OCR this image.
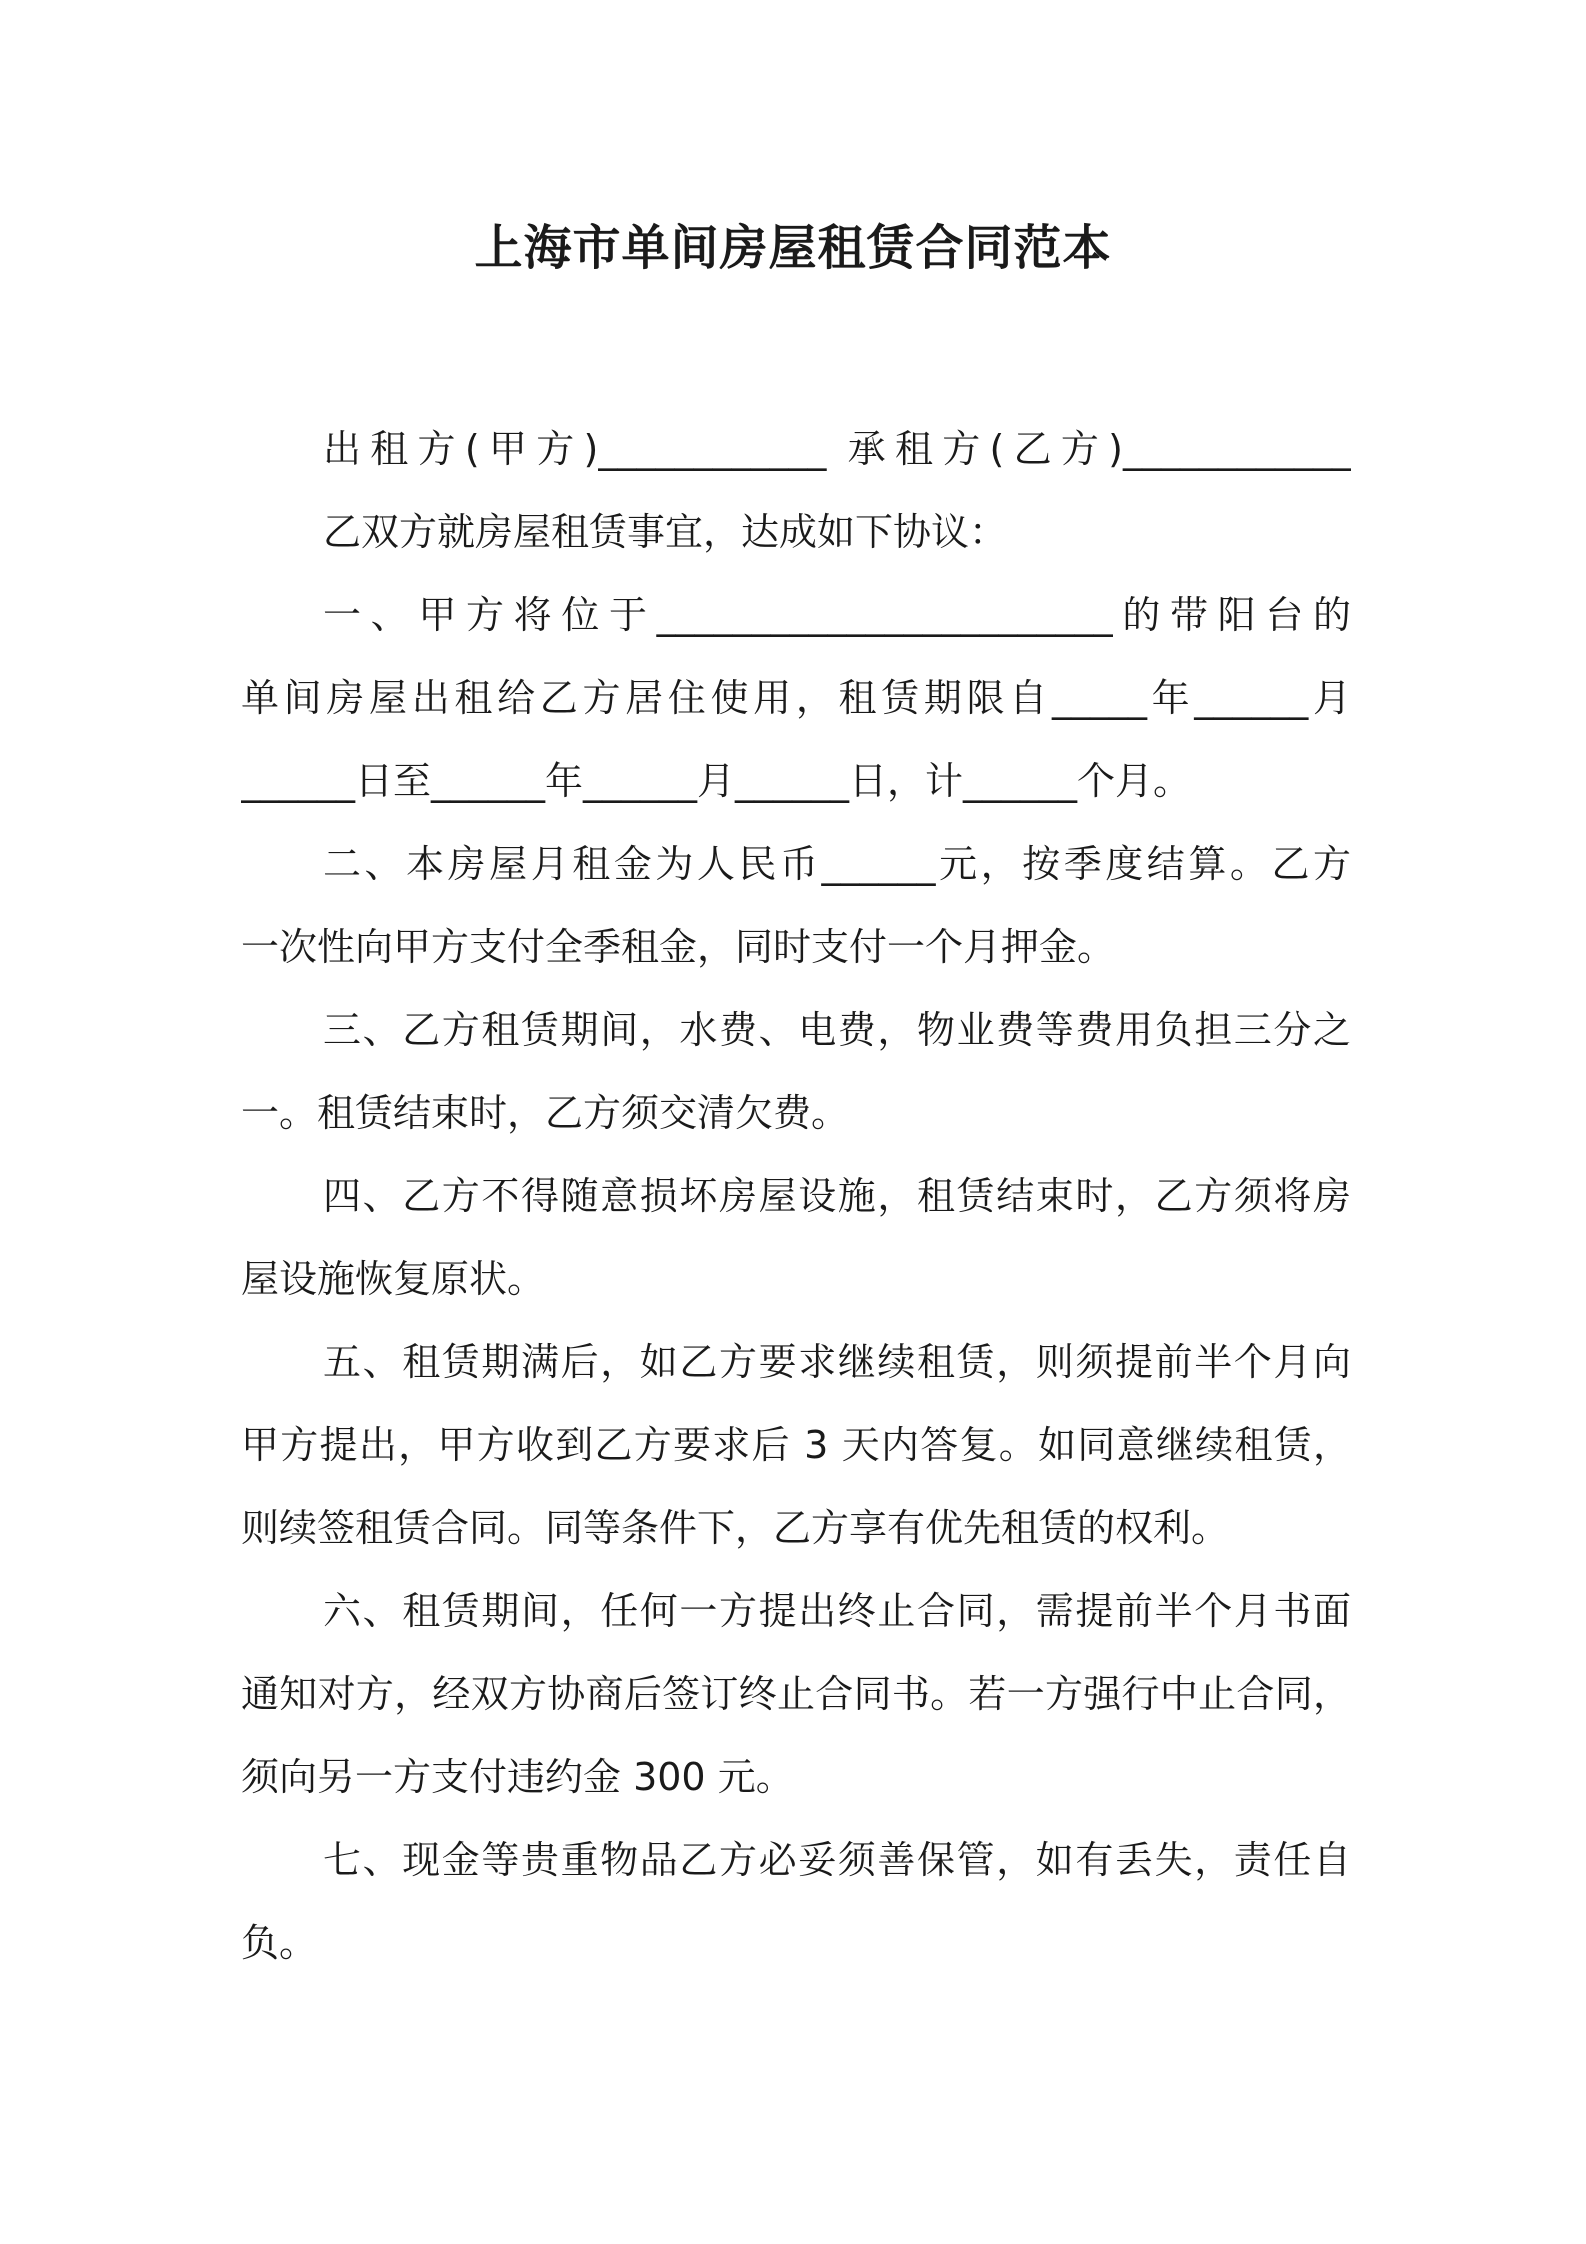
上海市单间房屋租赁合同范本
出租方(甲方)____________ 承租方(乙方)____________
乙双方就房屋租赁事宜，达成如下协议：
一、甲方将位于________________________的带阳台的
单间房屋出租给乙方居住使用，租赁期限自_____年______月
______日至______年______月______日，计______个月。
二、本房屋月租金为人民币______元，按季度结算。乙方
一次性向甲方支付全季租金，同时支付一个月押金。
三、乙方租赁期间，水费、电费，物业费等费用负担三分之
一。租赁结束时，乙方须交清欠费。
四、乙方不得随意损坏房屋设施，租赁结束时，乙方须将房
屋设施恢复原状。
五、租赁期满后，如乙方要求继续租赁，则须提前半个月向
甲方提出，甲方收到乙方要求后 3 天内答复。如同意继续租赁，
则续签租赁合同。同等条件下，乙方享有优先租赁的权利。
六、租赁期间，任何一方提出终止合同，需提前半个月书面
通知对方，经双方协商后签订终止合同书。若一方强行中止合同，
须向另一方支付违约金 300 元。
七、现金等贵重物品乙方必妥须善保管，如有丢失，责任自
负。
